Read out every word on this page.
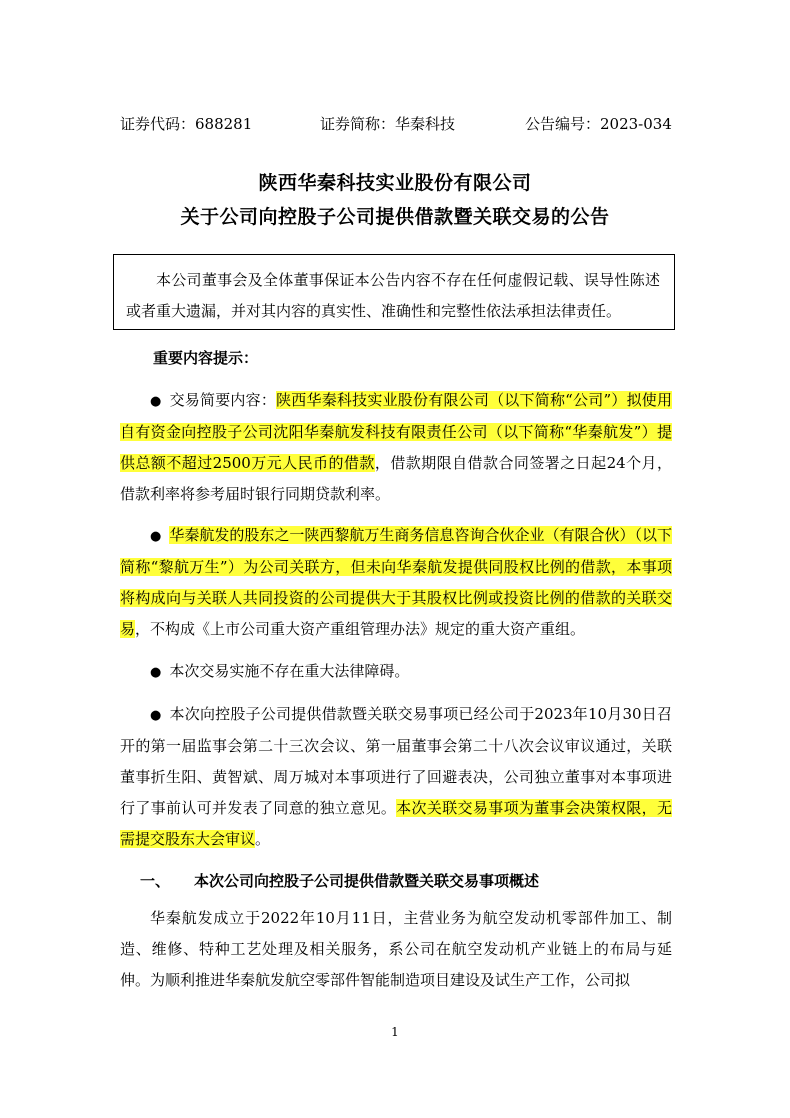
证券代码：688281	证券简称：华秦科技	公告编号：2023-034
陕西华秦科技实业股份有限公司
关于公司向控股子公司提供借款暨关联交易的公告
本公司董事会及全体董事保证本公告内容不存在任何虚假记载、误导性陈述或者重大遗漏，并对其内容的真实性、准确性和完整性依法承担法律责任。
重要内容提示：
● 交易简要内容：陕西华秦科技实业股份有限公司（以下简称“公司”）拟使用自有资金向控股子公司沈阳华秦航发科技有限责任公司（以下简称“华秦航发”）提供总额不超过2500万元人民币的借款，借款期限自借款合同签署之日起24个月，借款利率将参考届时银行同期贷款利率。
● 华秦航发的股东之一陕西黎航万生商务信息咨询合伙企业（有限合伙）（以下简称“黎航万生”）为公司关联方，但未向华秦航发提供同股权比例的借款，本事项将构成向与关联人共同投资的公司提供大于其股权比例或投资比例的借款的关联交易，不构成《上市公司重大资产重组管理办法》规定的重大资产重组。
● 本次交易实施不存在重大法律障碍。
● 本次向控股子公司提供借款暨关联交易事项已经公司于2023年10月30日召开的第一届监事会第二十三次会议、第一届董事会第二十八次会议审议通过，关联董事折生阳、黄智斌、周万城对本事项进行了回避表决，公司独立董事对本事项进行了事前认可并发表了同意的独立意见。本次关联交易事项为董事会决策权限，无需提交股东大会审议。
一、 本次公司向控股子公司提供借款暨关联交易事项概述
华秦航发成立于2022年10月11日，主营业务为航空发动机零部件加工、制造、维修、特种工艺处理及相关服务，系公司在航空发动机产业链上的布局与延伸。为顺利推进华秦航发航空零部件智能制造项目建设及试生产工作，公司拟
1
